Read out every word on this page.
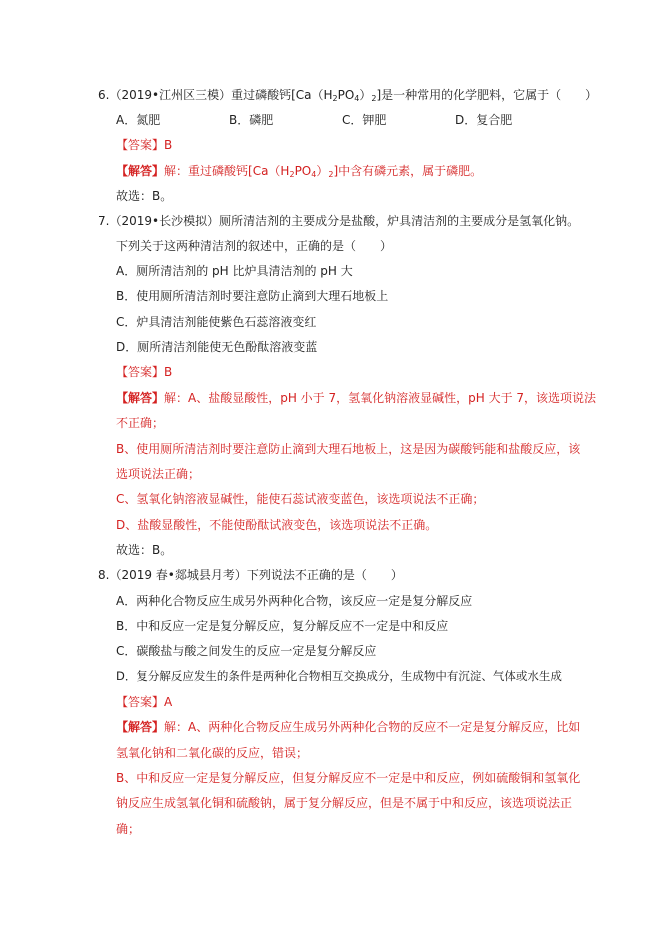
6.（2019•江州区三模）重过磷酸钙$[Ca(H_2PO_4)_2]$是一种常用的化学肥料，它属于（　　）
A．氮肥	B．磷肥	C．钾肥	D．复合肥
【答案】B
【解答】解：重过磷酸钙$[Ca(H_2PO_4)_2]$中含有磷元素，属于磷肥。
故选：B。
7.（2019•长沙模拟）厕所清洁剂的主要成分是盐酸，炉具清洁剂的主要成分是氢氧化钠。
下列关于这两种清洁剂的叙述中，正确的是（　　）
A．厕所清洁剂的 pH 比炉具清洁剂的 pH 大
B．使用厕所清洁剂时要注意防止滴到大理石地板上
C．炉具清洁剂能使紫色石蕊溶液变红
D．厕所清洁剂能使无色酚酞溶液变蓝
【答案】B
【解答】解：A、盐酸显酸性，pH 小于 7，氢氧化钠溶液显碱性，pH 大于 7，该选项说法
不正确；
B、使用厕所清洁剂时要注意防止滴到大理石地板上，这是因为碳酸钙能和盐酸反应，该
选项说法正确；
C、氢氧化钠溶液显碱性，能使石蕊试液变蓝色，该选项说法不正确；
D、盐酸显酸性，不能使酚酞试液变色，该选项说法不正确。
故选：B。
8.（2019 春•郯城县月考）下列说法不正确的是（　　）
A．两种化合物反应生成另外两种化合物，该反应一定是复分解反应
B．中和反应一定是复分解反应，复分解反应不一定是中和反应
C．碳酸盐与酸之间发生的反应一定是复分解反应
D．复分解反应发生的条件是两种化合物相互交换成分，生成物中有沉淀、气体或水生成
【答案】A
【解答】解：A、两种化合物反应生成另外两种化合物的反应不一定是复分解反应，比如
氢氧化钠和二氧化碳的反应，错误；
B、中和反应一定是复分解反应，但复分解反应不一定是中和反应，例如硫酸铜和氢氧化
钠反应生成氢氧化铜和硫酸钠，属于复分解反应，但是不属于中和反应，该选项说法正
确；
